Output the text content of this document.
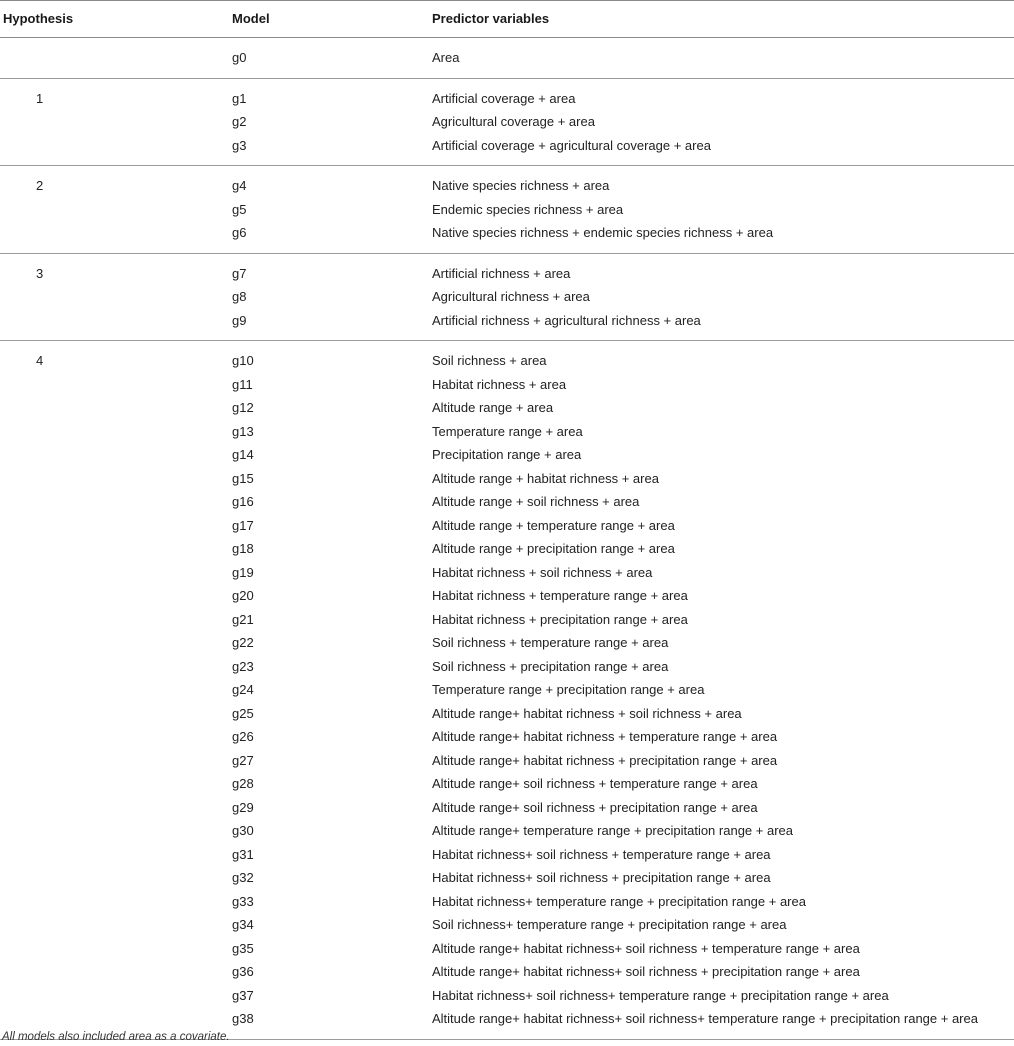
Hypothesis	Model	Predictor variables
g0	Area
1	g1	Artificial coverage + area
g2	Agricultural coverage + area
g3	Artificial coverage + agricultural coverage + area
2	g4	Native species richness + area
g5	Endemic species richness + area
g6	Native species richness + endemic species richness + area
3	g7	Artificial richness + area
g8	Agricultural richness + area
g9	Artificial richness + agricultural richness + area
4	g10	Soil richness + area
g11	Habitat richness + area
g12	Altitude range + area
g13	Temperature range + area
g14	Precipitation range + area
g15	Altitude range + habitat richness + area
g16	Altitude range + soil richness + area
g17	Altitude range + temperature range + area
g18	Altitude range + precipitation range + area
g19	Habitat richness + soil richness + area
g20	Habitat richness + temperature range + area
g21	Habitat richness + precipitation range + area
g22	Soil richness + temperature range + area
g23	Soil richness + precipitation range + area
g24	Temperature range + precipitation range + area
g25	Altitude range+ habitat richness + soil richness + area
g26	Altitude range+ habitat richness + temperature range + area
g27	Altitude range+ habitat richness + precipitation range + area
g28	Altitude range+ soil richness + temperature range + area
g29	Altitude range+ soil richness + precipitation range + area
g30	Altitude range+ temperature range + precipitation range + area
g31	Habitat richness+ soil richness + temperature range + area
g32	Habitat richness+ soil richness + precipitation range + area
g33	Habitat richness+ temperature range + precipitation range + area
g34	Soil richness+ temperature range + precipitation range + area
g35	Altitude range+ habitat richness+ soil richness + temperature range + area
g36	Altitude range+ habitat richness+ soil richness + precipitation range + area
g37	Habitat richness+ soil richness+ temperature range + precipitation range + area
g38	Altitude range+ habitat richness+ soil richness+ temperature range + precipitation range + area
All models also included area as a covariate.
